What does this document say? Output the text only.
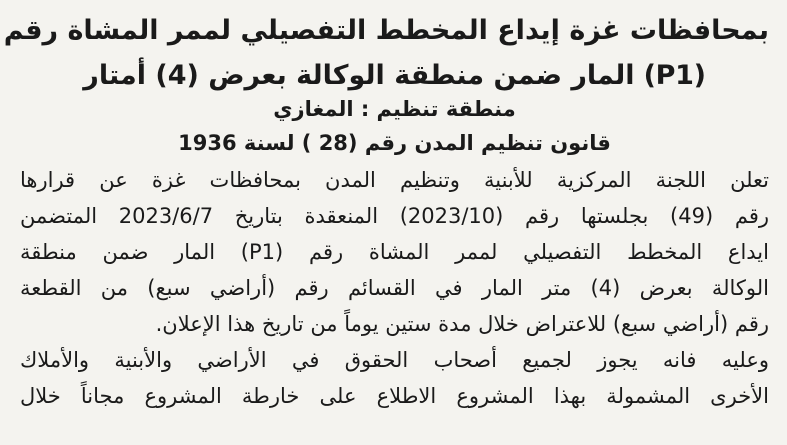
بمحافظات غزة إيداع المخطط التفصيلي لممر المشاة رقم
(P1) المار ضمن منطقة الوكالة بعرض (4) أمتار
منطقة تنظيم : المغازي
قانون تنظيم المدن رقم (28 ) لسنة 1936
تعلن اللجنة المركزية للأبنية وتنظيم المدن بمحافظات غزة عن قرارها
رقم (49) بجلستها رقم (2023/10) المنعقدة بتاريخ 2023/6/7 المتضمن
ايداع المخطط التفصيلي لممر المشاة رقم (P1) المار ضمن منطقة
الوكالة بعرض (4) متر المار في القسائم رقم (أراضي سبع) من القطعة
رقم (أراضي سبع) للاعتراض خلال مدة ستين يوماً من تاريخ هذا الإعلان.
وعليه فانه يجوز لجميع أصحاب الحقوق في الأراضي والأبنية والأملاك
الأخرى المشمولة بهذا المشروع الاطلاع على خارطة المشروع مجاناً خلال
